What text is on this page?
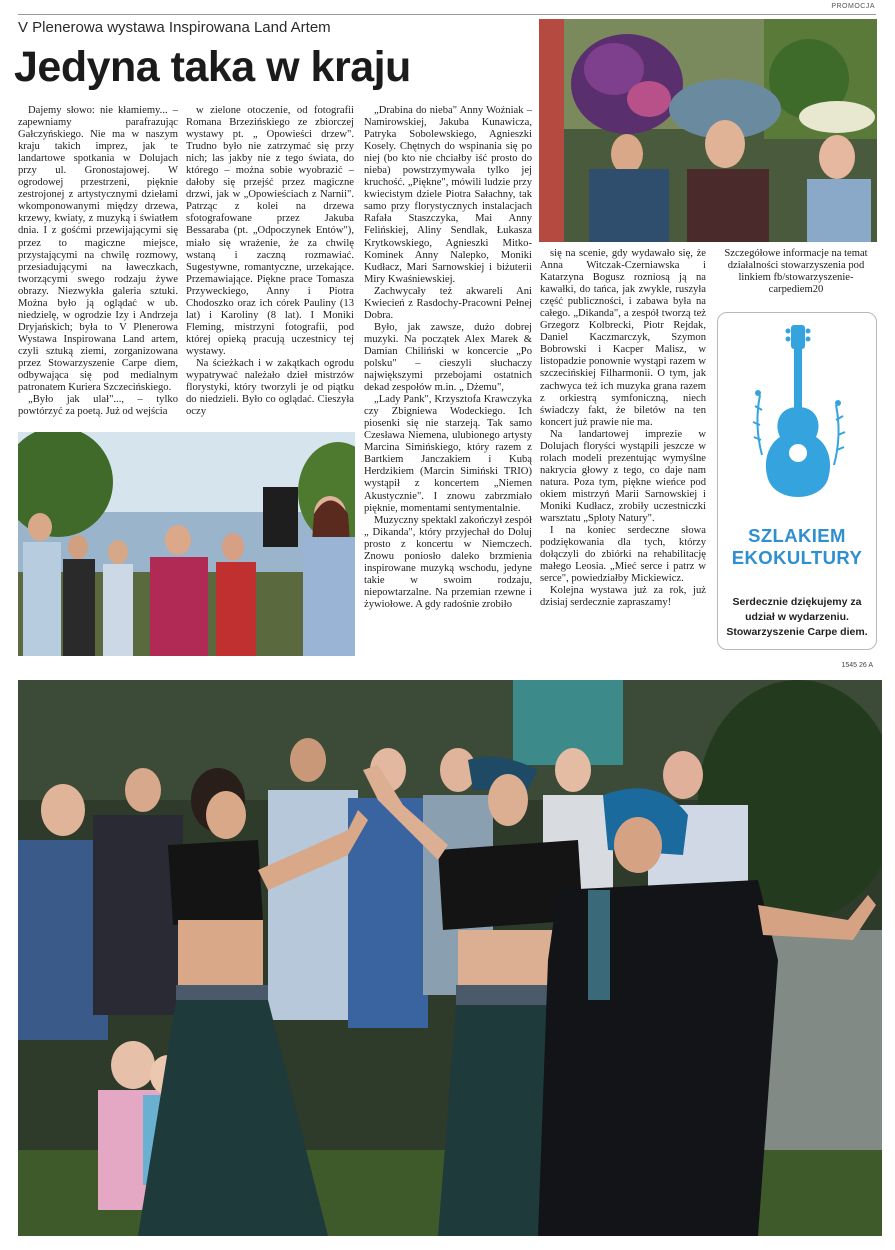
PROMOCJA
V Plenerowa wystawa Inspirowana Land Artem
Jedyna taka w kraju

Dajemy słowo: nie kłamiemy... – zapewniamy parafrazując Gałczyńskiego. Nie ma w naszym kraju takich imprez, jak te landartowe spotkania w Dolujach przy ul. Gronostajowej. W ogrodowej przestrzeni, pięknie zestrojonej z artystycznymi dziełami wkomponowanymi między drzewa, krzewy, kwiaty, z muzyką i światłem dnia. I z gośćmi przewijającymi się przez to magiczne miejsce, przystającymi na chwilę rozmowy, przesiadującymi na ławeczkach, tworzącymi swego rodzaju żywe obrazy. Niezwykła galeria sztuki. Można było ją oglądać w ub. niedzielę, w ogrodzie Izy i Andrzeja Dryjańskich; była to V Plenerowa Wystawa Inspirowana Land artem, czyli sztuką ziemi, zorganizowana przez Stowarzyszenie Carpe diem, odbywająca się pod medialnym patronatem Kuriera Szczecińskiego.

„Było jak ulał"..., – tylko powtórzyć za poetą. Już od wejścia

w zielone otoczenie, od fotografii Romana Brzezińskiego ze zbiorczej wystawy pt. „ Opowieści drzew". Trudno było nie zatrzymać się przy nich; las jakby nie z tego świata, do którego – można sobie wyobrazić – dałoby się przejść przez magiczne drzwi, jak w „Opowieściach z Narnii". Patrząc z kolei na drzewa sfotografowane przez Jakuba Bessaraba (pt. „Odpoczynek Entów"), miało się wrażenie, że za chwilę wstaną i zaczną rozmawiać. Sugestywne, romantyczne, urzekające. Przemawiające. Piękne prace Tomasza Przyweckiego, Anny i Piotra Chodoszko oraz ich córek Pauliny (13 lat) i Karoliny (8 lat). I Moniki Fleming, mistrzyni fotografii, pod której opieką pracują uczestnicy tej wystawy.

Na ścieżkach i w zakątkach ogrodu wypatrywać należało dzieł mistrzów florystyki, który tworzyli je od piątku do niedzieli. Było co oglądać. Cieszyła oczy

„Drabina do nieba" Anny Woźniak – Namirowskiej, Jakuba Kunawicza, Patryka Sobolewskiego, Agnieszki Kosely. Chętnych do wspinania się po niej (bo kto nie chciałby iść prosto do nieba) powstrzymywała tylko jej kruchość. „Piękne", mówili ludzie przy kwiecistym dziele Piotra Sałachny, tak samo przy florystycznych instalacjach Rafała Staszczyka, Mai Anny Felińskiej, Aliny Sendlak, Łukasza Krytkowskiego, Agnieszki Mitko-Kominek Anny Nalepko, Moniki Kudłacz, Mari Sarnowskiej i biżuterii Miry Kwaśniewskiej.

Zachwycały też akwareli Ani Kwiecień z Rasdochy-Pracowni Pełnej Dobra.

Było, jak zawsze, dużo dobrej muzyki. Na początek Alex Marek & Damian Chiliński w koncercie „Po polsku" – cieszyli słuchaczy największymi przebojami ostatnich dekad zespołów m.in. „ Dżemu",

„Lady Pank", Krzysztofa Krawczyka czy Zbigniewa Wodeckiego. Ich piosenki się nie starzeją. Tak samo Czesława Niemena, ulubionego artysty Marcina Simińskiego, który razem z Bartkiem Janczakiem i Kubą Herdzikiem (Marcin Simiński TRIO) wystąpił z koncertem „Niemen Akustycznie". I znowu zabrzmiało pięknie, momentami sentymentalnie.

Muzyczny spektakl zakończył zespół „ Dikanda", który przyjechał do Doluj prosto z koncertu w Niemczech. Znowu poniosło daleko brzmienia inspirowane muzyką wschodu, jedyne takie w swoim rodzaju, niepowtarzalne. Na przemian rzewne i żywiołowe. A gdy radośnie zrobiło

się na scenie, gdy wydawało się, że Anna Witczak-Czerniawska i Katarzyna Bogusz rozniosą ją na kawałki, do tańca, jak zwykle, ruszyła część publiczności, i zabawa była na całego. „Dikanda", a zespół tworzą też Grzegorz Kolbrecki, Piotr Rejdak, Daniel Kaczmarczyk, Szymon Bobrowski i Kacper Malisz, w listopadzie ponownie wystąpi razem w szczecińskiej Filharmonii. O tym, jak zachwyca też ich muzyka grana razem z orkiestrą symfoniczną, niech świadczy fakt, że biletów na ten koncert już prawie nie ma.

Na landartowej imprezie w Dolujach floryści wystąpili jeszcze w rolach modeli prezentując wymyślne nakrycia głowy z tego, co daje nam natura. Poza tym, piękne wieńce pod okiem mistrzyń Marii Sarnowskiej i Moniki Kudłacz, zrobiły uczestniczki warsztatu „Sploty Natury".

I na koniec serdeczne słowa podziękowania dla tych, którzy dołączyli do zbiórki na rehabilitację małego Leosia. „Mieć serce i patrz w serce", powiedziałby Mickiewicz.

Kolejna wystawa już za rok, już dzisiaj serdecznie zapraszamy!

Szczegółowe informacje na temat działalności stowarzyszenia pod linkiem fb/stowarzyszenie-carpediem20

SZLAKIEM
EKOKULTURY
Serdecznie dziękujemy za udział w wydarzeniu. Stowarzyszenie Carpe diem.
1545 26 A
